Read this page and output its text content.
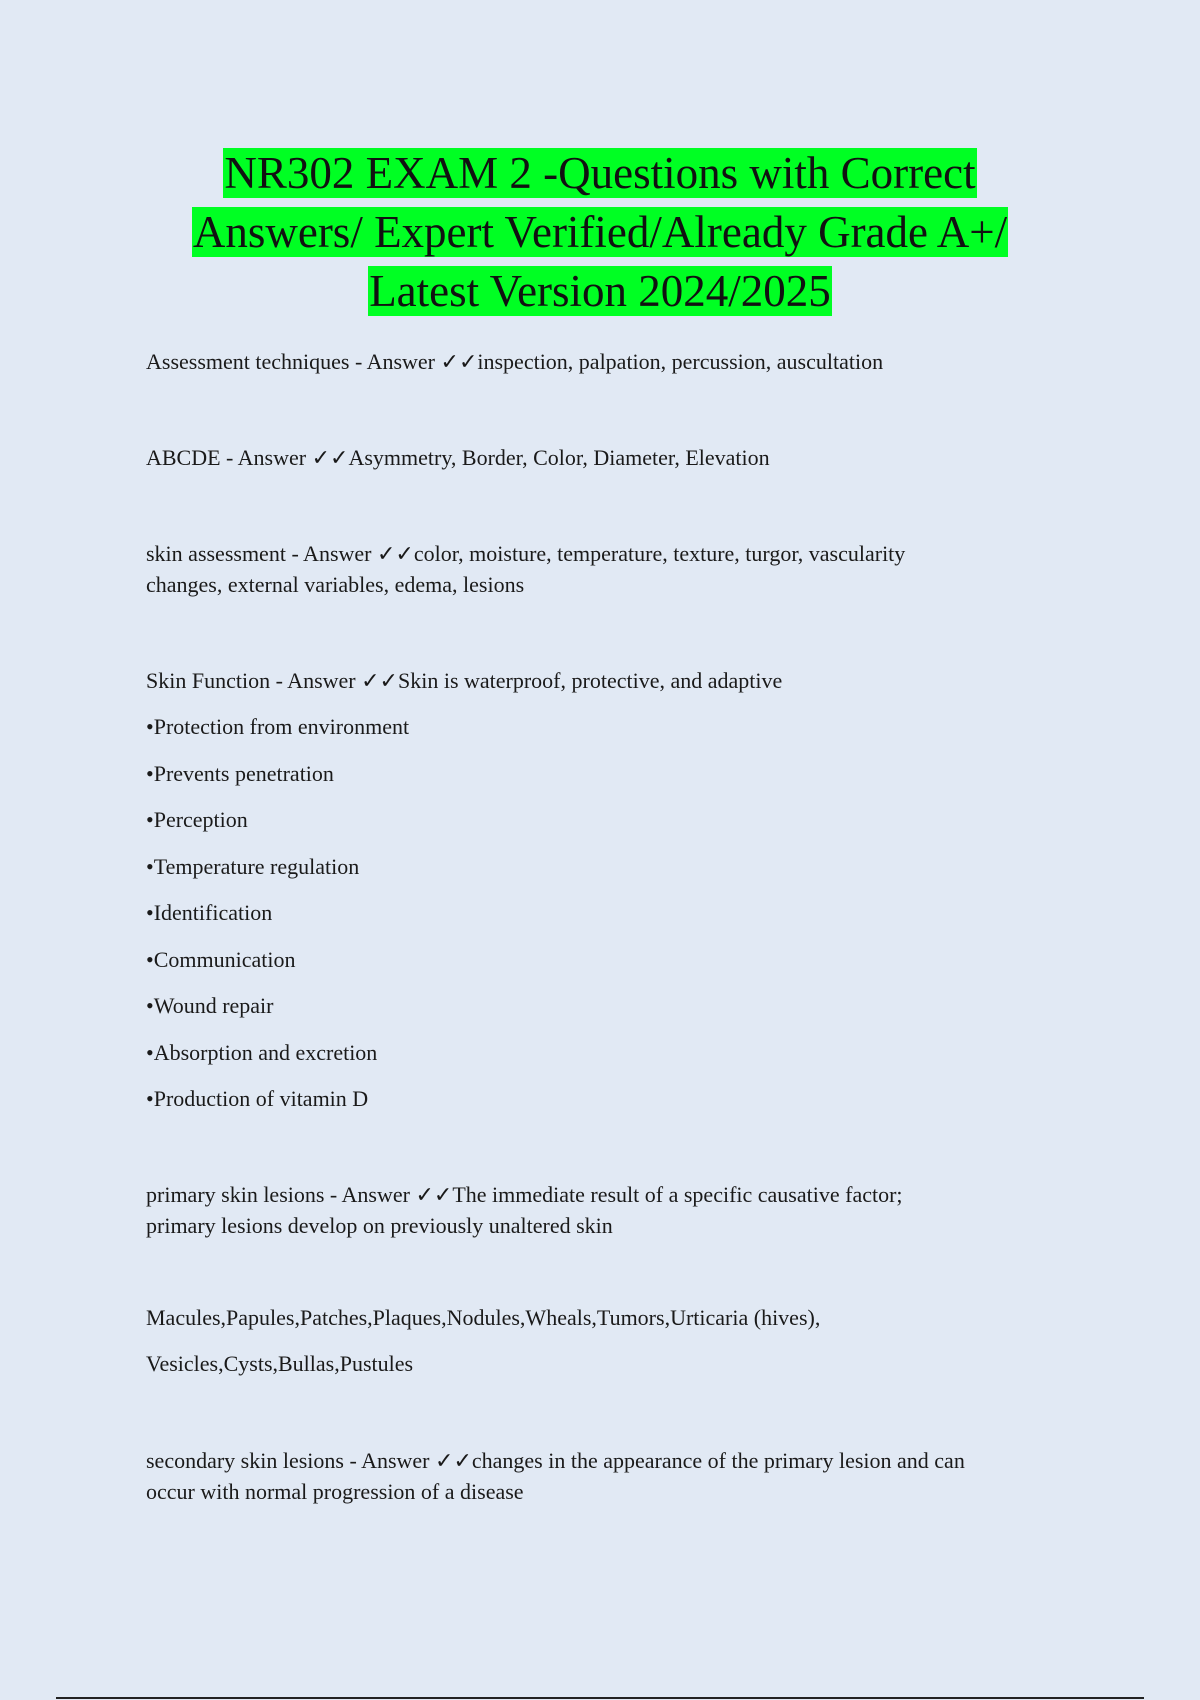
NR302 EXAM 2 -Questions with Correct
Answers/ Expert Verified/Already Grade A+/
Latest Version 2024/2025

Assessment techniques - Answer ✓✓inspection, palpation, percussion, auscultation

ABCDE - Answer ✓✓Asymmetry, Border, Color, Diameter, Elevation

skin assessment - Answer ✓✓color, moisture, temperature, texture, turgor, vascularity
changes, external variables, edema, lesions

Skin Function - Answer ✓✓Skin is waterproof, protective, and adaptive

•Protection from environment
•Prevents penetration
•Perception
•Temperature regulation
•Identification
•Communication
•Wound repair
•Absorption and excretion
•Production of vitamin D

primary skin lesions - Answer ✓✓The immediate result of a specific causative factor;
primary lesions develop on previously unaltered skin

Macules,Papules,Patches,Plaques,Nodules,Wheals,Tumors,Urticaria (hives),

Vesicles,Cysts,Bullas,Pustules

secondary skin lesions - Answer ✓✓changes in the appearance of the primary lesion and can
occur with normal progression of a disease
